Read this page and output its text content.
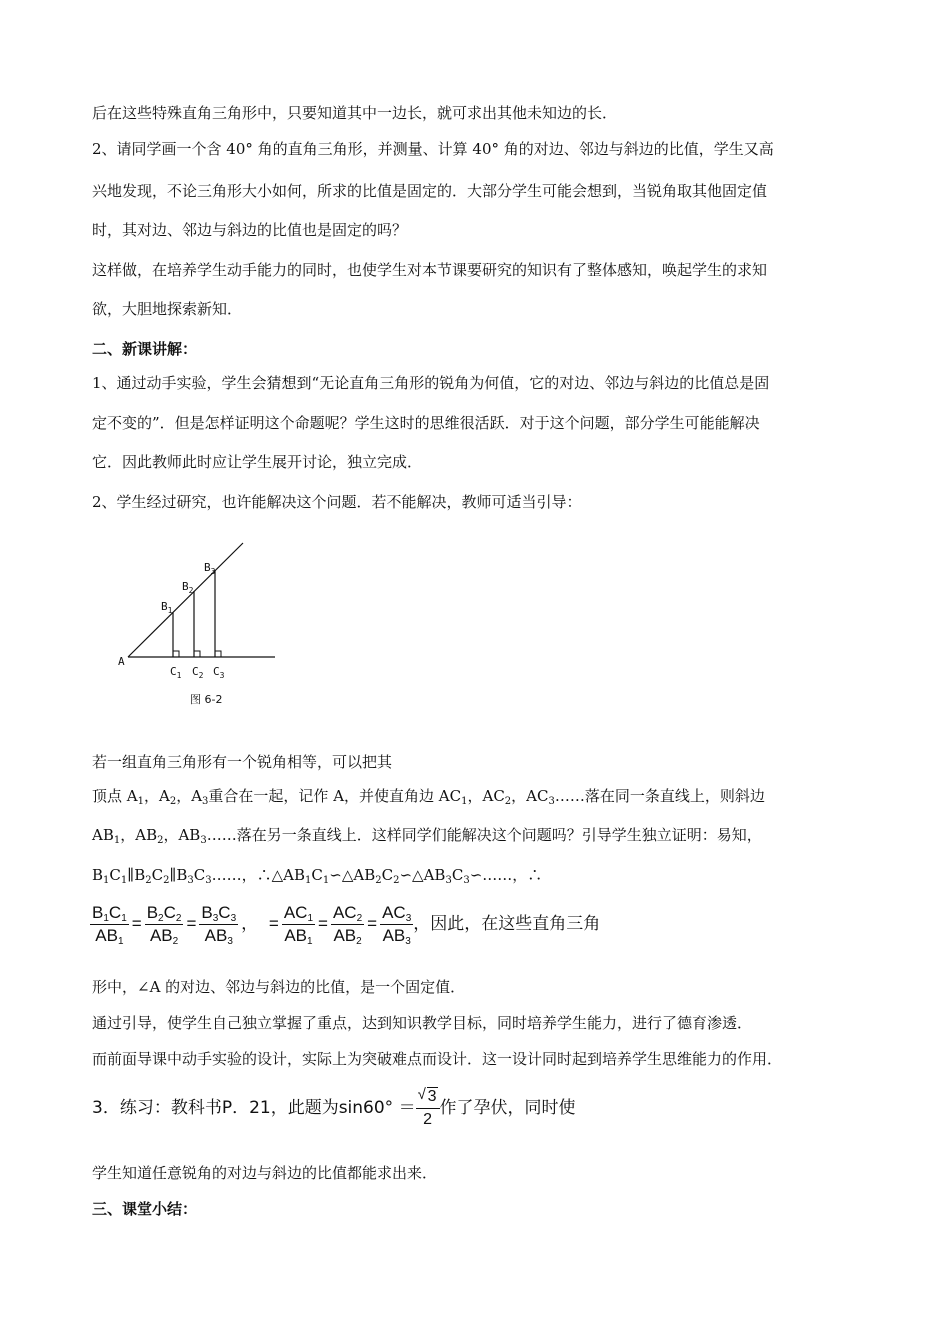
后在这些特殊直角三角形中，只要知道其中一边长，就可求出其他未知边的长．
2、请同学画一个含 40° 角的直角三角形，并测量、计算 40° 角的对边、邻边与斜边的比值，学生又高
兴地发现，不论三角形大小如何，所求的比值是固定的．大部分学生可能会想到，当锐角取其他固定值
时，其对边、邻边与斜边的比值也是固定的吗？
这样做，在培养学生动手能力的同时，也使学生对本节课要研究的知识有了整体感知，唤起学生的求知
欲，大胆地探索新知．
二、新课讲解：
1、通过动手实验，学生会猜想到“无论直角三角形的锐角为何值，它的对边、邻边与斜边的比值总是固
定不变的”．但是怎样证明这个命题呢？学生这时的思维很活跃．对于这个问题，部分学生可能能解决
它．因此教师此时应让学生展开讨论，独立完成．
2、学生经过研究，也许能解决这个问题．若不能解决，教师可适当引导：
A
$B_1$
$B_2$
$B_3$
$C_1$ $C_2$ $C_3$
图 6-2
若一组直角三角形有一个锐角相等，可以把其
顶点 $A_1$，$A_2$，$A_3$重合在一起，记作 A，并使直角边 $AC_1$，$AC_2$，$AC_3\dots\dots$落在同一条直线上，则斜边
$AB_1$，$AB_2$，$AB_3\dots\dots$落在另一条直线上．这样同学们能解决这个问题吗？引导学生独立证明：易知，
$B_1C_1\parallel B_2C_2\parallel B_3C_3\dots\dots$，$\therefore\triangle AB_1C_1∽\triangle AB_2C_2∽\triangle AB_3C_3∽\dots\dots$，∴
$\frac{B_1C_1}{AB_1} = \frac{B_2C_2}{AB_2} = \frac{B_3C_3}{AB_3}$ ， = $\frac{AC_1}{AB_1} = \frac{AC_2}{AB_2} = \frac{AC_3}{AB_3}$ ，因此，在这些直角三角
形中，∠A 的对边、邻边与斜边的比值，是一个固定值．
通过引导，使学生自己独立掌握了重点，达到知识教学目标，同时培养学生能力，进行了德育渗透．
而前面导课中动手实验的设计，实际上为突破难点而设计．这一设计同时起到培养学生思维能力的作用．
3．练习：教科书P．21，此题为$\sin 60^\circ = \frac{√ 3}{2}$ 作了孕伏，同时使
学生知道任意锐角的对边与斜边的比值都能求出来．
三、课堂小结：
